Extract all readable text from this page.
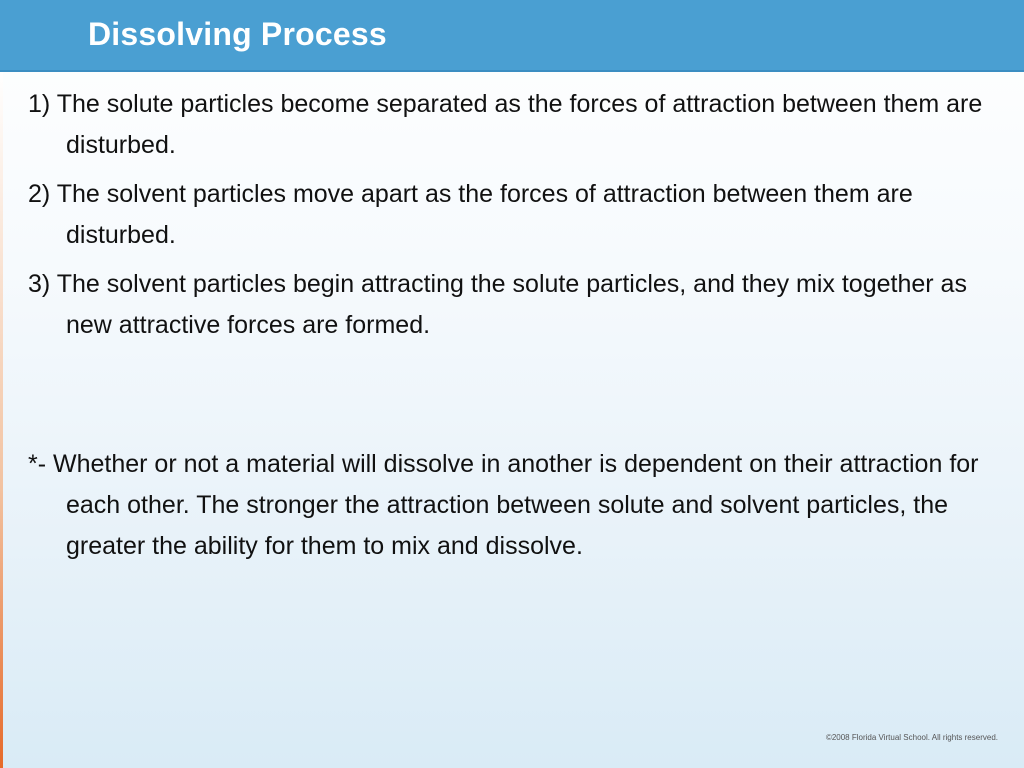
Dissolving Process

1) The solute particles become separated as the forces of attraction between them are disturbed.

2) The solvent particles move apart as the forces of attraction between them are disturbed.

3) The solvent particles begin attracting the solute particles, and they mix together as new attractive forces are formed.

*- Whether or not a material will dissolve in another is dependent on their attraction for each other. The stronger the attraction between solute and solvent particles, the greater the ability for them to mix and dissolve.

©2008 Florida Virtual School. All rights reserved.
